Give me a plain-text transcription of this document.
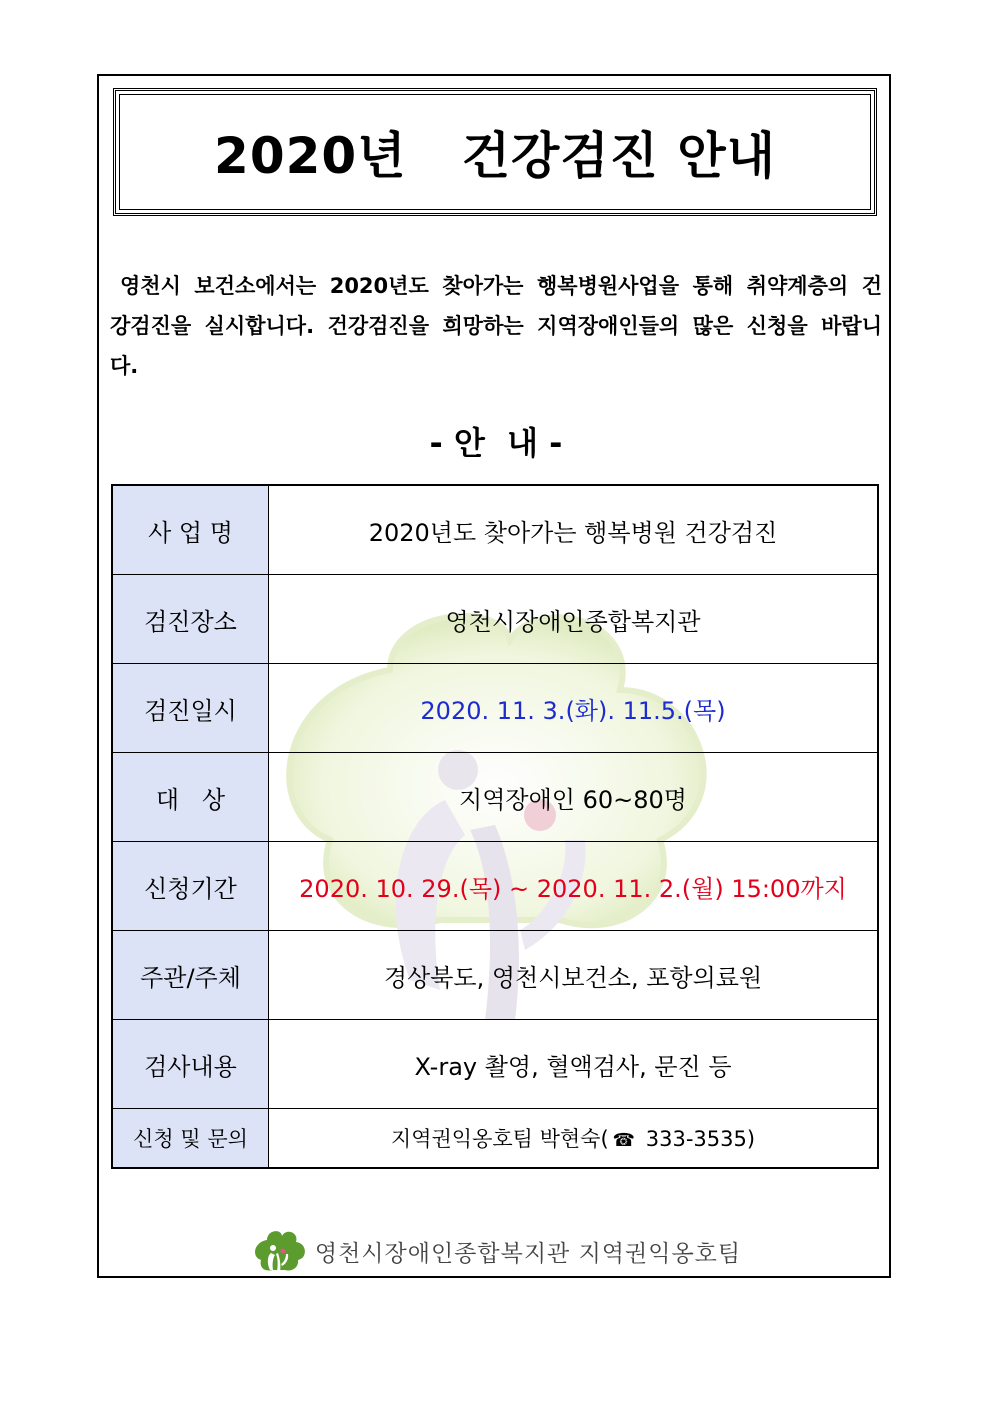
2020년   건강검진 안내

영천시 보건소에서는 2020년도 찾아가는 행복병원사업을 통해 취약계층의 건강검진을 실시합니다. 건강검진을 희망하는 지역장애인들의 많은 신청을 바랍니다.

- 안  내 -
사 업 명	2020년도 찾아가는 행복병원 건강검진
검진장소	영천시장애인종합복지관
검진일시	2020. 11. 3.(화). 11.5.(목)
대   상	지역장애인 60~80명
신청기간	2020. 10. 29.(목) ~ 2020. 11. 2.(월) 15:00까지
주관/주체	경상북도, 영천시보건소, 포항의료원
검사내용	X-ray 촬영, 혈액검사, 문진 등
신청 및 문의	지역권익옹호팀 박현숙( ☎ 333-3535)
영천시장애인종합복지관 지역권익옹호팀
